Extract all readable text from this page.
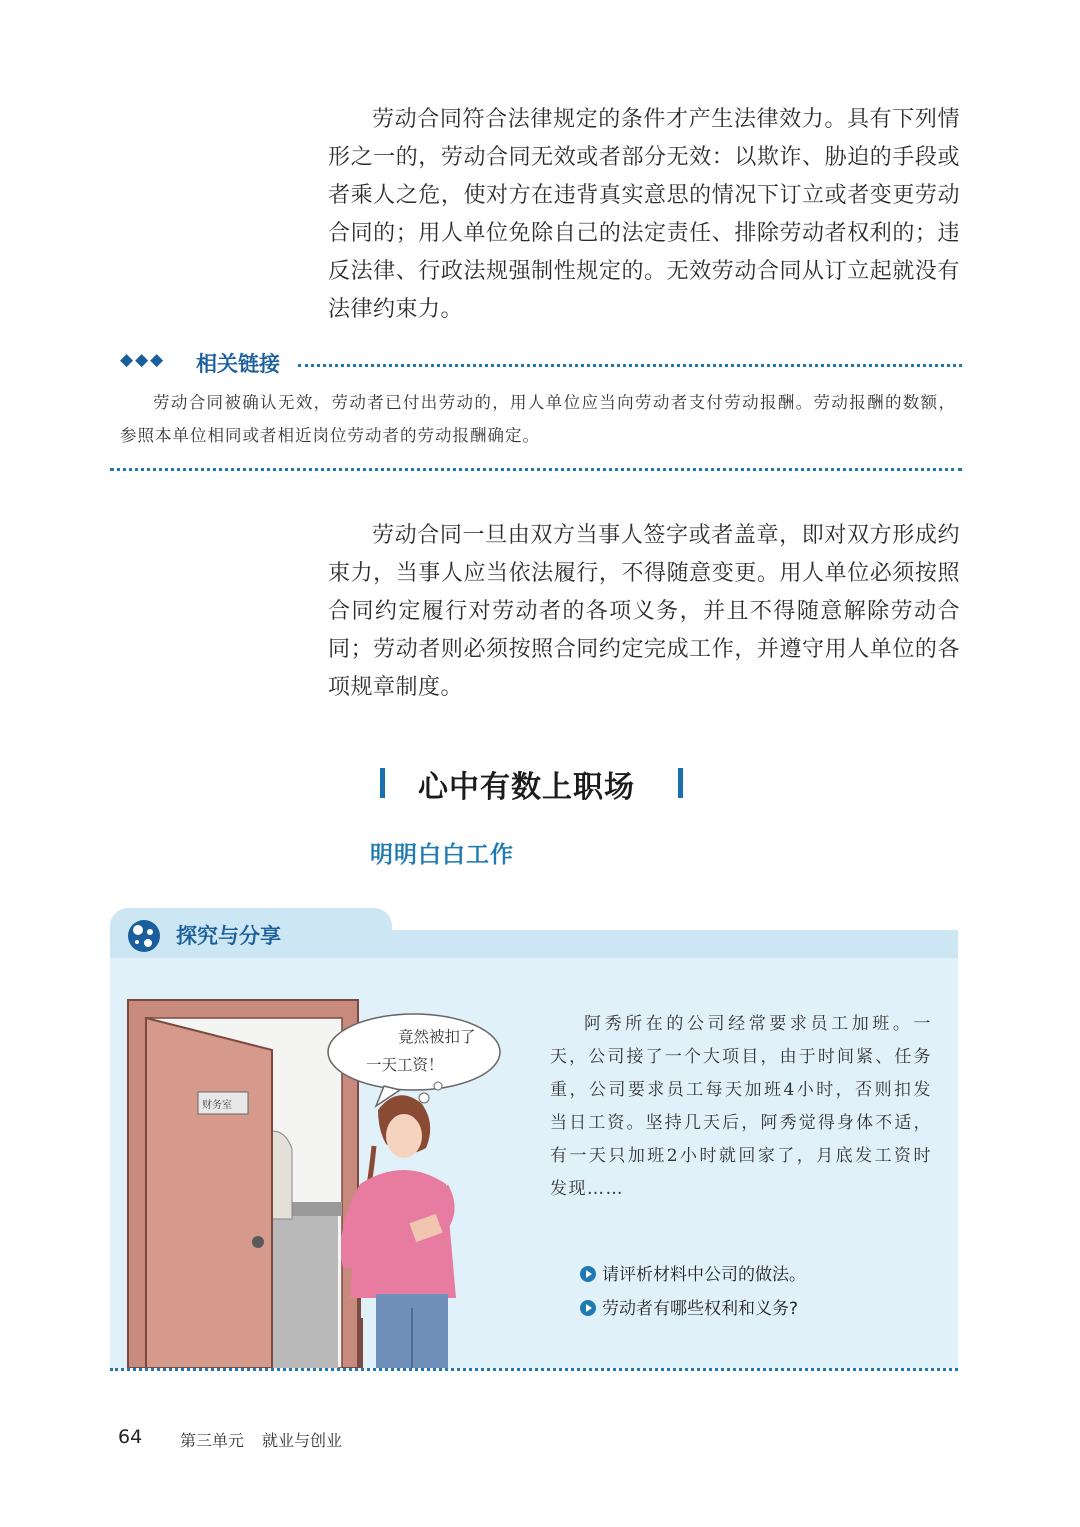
劳动合同符合法律规定的条件才产生法律效力。具有下列情形之一的，劳动合同无效或者部分无效：以欺诈、胁迫的手段或者乘人之危，使对方在违背真实意思的情况下订立或者变更劳动合同的；用人单位免除自己的法定责任、排除劳动者权利的；违反法律、行政法规强制性规定的。无效劳动合同从订立起就没有法律约束力。

◆◆◆ 相关链接

劳动合同被确认无效，劳动者已付出劳动的，用人单位应当向劳动者支付劳动报酬。劳动报酬的数额，参照本单位相同或者相近岗位劳动者的劳动报酬确定。

劳动合同一旦由双方当事人签字或者盖章，即对双方形成约束力，当事人应当依法履行，不得随意变更。用人单位必须按照合同约定履行对劳动者的各项义务，并且不得随意解除劳动合同；劳动者则必须按照合同约定完成工作，并遵守用人单位的各项规章制度。

心中有数上职场
明明白白工作
探究与分享
财务室
竟然被扣了
一天工资！

阿秀所在的公司经常要求员工加班。一天，公司接了一个大项目，由于时间紧、任务重，公司要求员工每天加班4小时，否则扣发当日工资。坚持几天后，阿秀觉得身体不适，有一天只加班2小时就回家了，月底发工资时发现……

请评析材料中公司的做法。
劳动者有哪些权利和义务?
64 第三单元 就业与创业
